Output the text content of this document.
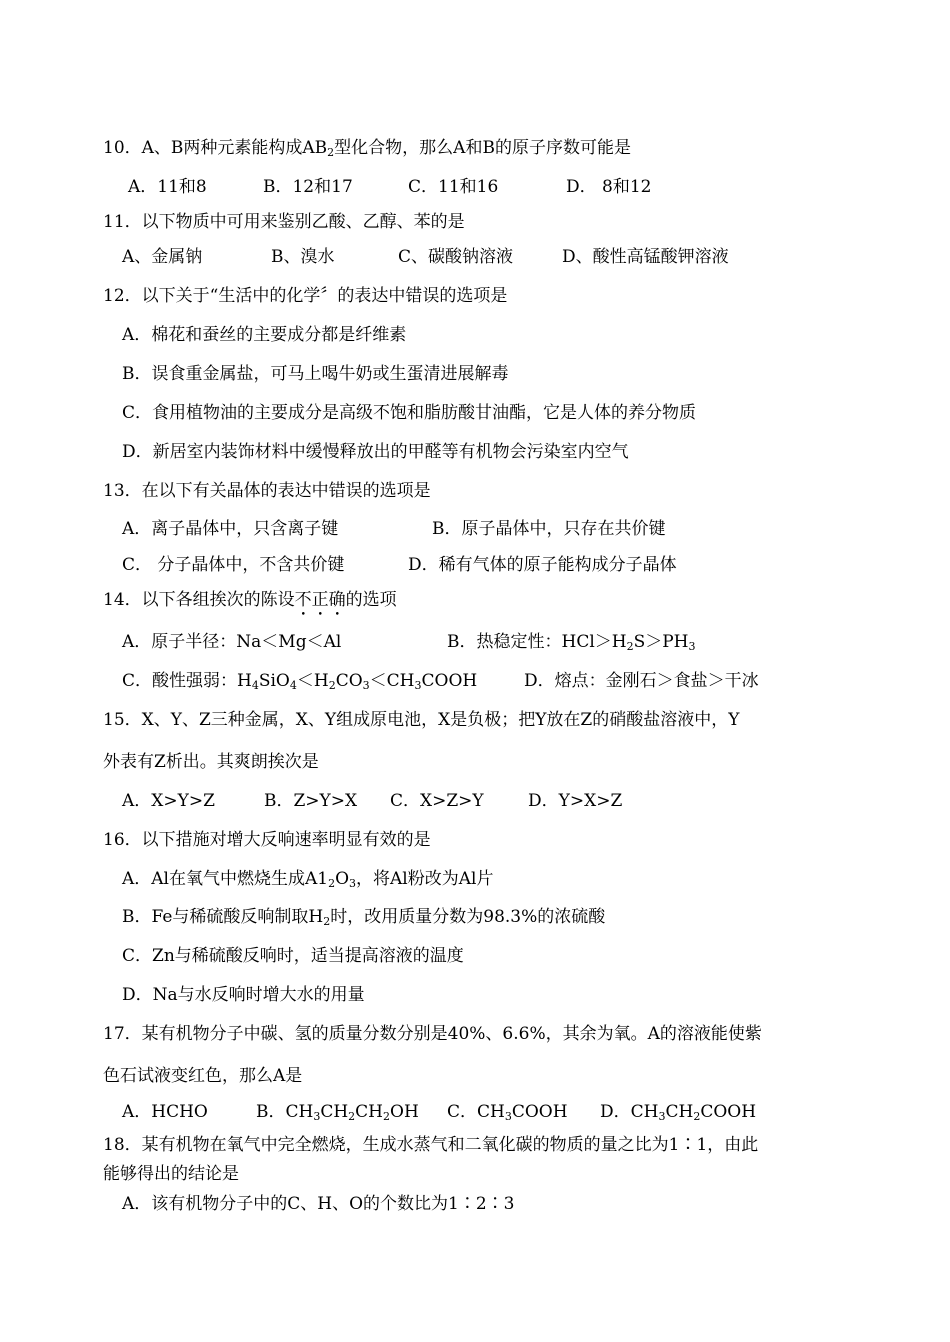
10．A、B两种元素能构成$AB_2$型化合物，那么A和B的原子序数可能是
A．11和8	B．12和17	C．11和16	D． 8和12
11．以下物质中可用来鉴别乙酸、乙醇、苯的是
A、金属钠	B、溴水	C、碳酸钠溶液	D、酸性高锰酸钾溶液
12．以下关于“生活中的化学〞的表达中错误的选项是
A．棉花和蚕丝的主要成分都是纤维素
B．误食重金属盐，可马上喝牛奶或生蛋清进展解毒
C．食用植物油的主要成分是高级不饱和脂肪酸甘油酯，它是人体的养分物质
D．新居室内装饰材料中缓慢释放出的甲醛等有机物会污染室内空气
13．在以下有关晶体的表达中错误的选项是
A．离子晶体中，只含离子键	B．原子晶体中，只存在共价键
C． 分子晶体中，不含共价键	D．稀有气体的原子能构成分子晶体
14．以下各组挨次的陈设不正确的选项
A．原子半径：Na＜Mg＜Al	B．热稳定性：$HCl>H_2S>PH_3$
C．酸性强弱：$H_4SiO_4<H_2CO_3<CH_3COOH$	D．熔点：金刚石＞食盐＞干冰
15．X、Y、Z三种金属，X、Y组成原电池，X是负极；把Y放在Z的硝酸盐溶液中，Y
外表有Z析出。其爽朗挨次是
A．X>Y>Z	B．Z>Y>X C．X>Z>Y	D．Y>X>Z
16．以下措施对增大反响速率明显有效的是
A．Al在氧气中燃烧生成$A1_2O_3$，将Al粉改为Al片
B．Fe与稀硫酸反响制取$H_2$时，改用质量分数为98.3%的浓硫酸
C．Zn与稀硫酸反响时，适当提高溶液的温度
D．Na与水反响时增大水的用量
17．某有机物分子中碳、氢的质量分数分别是40%、6.6%，其余为氧。A的溶液能使紫
色石试液变红色，那么A是
A．HCHO	B．$CH_3CH_2CH_2OH$ C．$CH_3COOH$ D．$CH_3CH_2COOH$
18．某有机物在氧气中完全燃烧，生成水蒸气和二氧化碳的物质的量之比为1∶1，由此
能够得出的结论是
A．该有机物分子中的C、H、O的个数比为1∶2∶3
